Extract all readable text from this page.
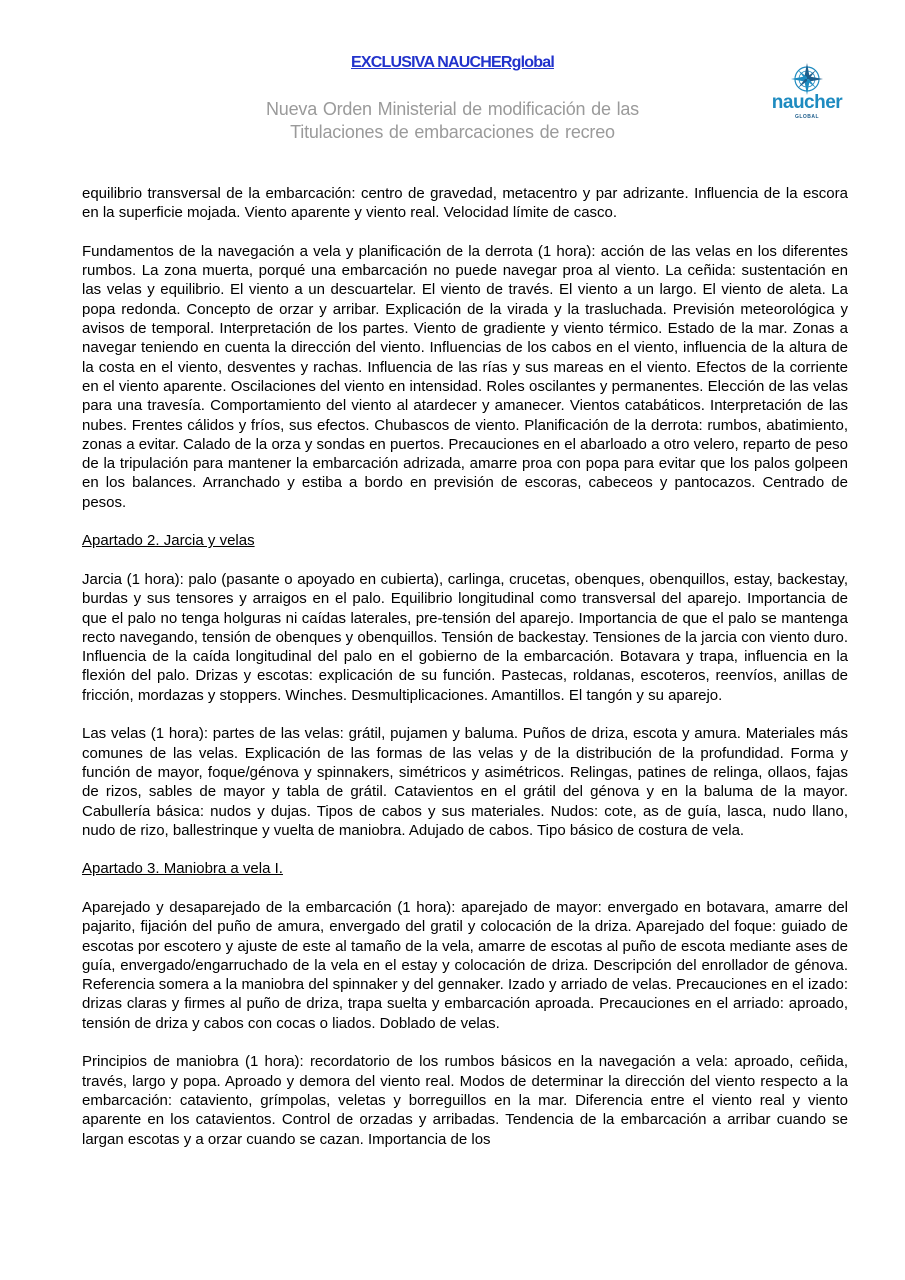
EXCLUSIVA NAUCHERglobal
Nueva Orden Ministerial de modificación de las
Titulaciones de embarcaciones de recreo
naucher
GLOBAL

equilibrio transversal de la embarcación: centro de gravedad, metacentro y par adrizante. Influencia de la escora en la superficie mojada. Viento aparente y viento real. Velocidad límite de casco.

Fundamentos de la navegación a vela y planificación de la derrota (1 hora): acción de las velas en los diferentes rumbos. La zona muerta, porqué una embarcación no puede navegar proa al viento. La ceñida: sustentación en las velas y equilibrio. El viento a un descuartelar. El viento de través. El viento a un largo. El viento de aleta. La popa redonda. Concepto de orzar y arribar. Explicación de la virada y la trasluchada. Previsión meteorológica y avisos de temporal. Interpretación de los partes. Viento de gradiente y viento térmico. Estado de la mar. Zonas a navegar teniendo en cuenta la dirección del viento. Influencias de los cabos en el viento, influencia de la altura de la costa en el viento, desventes y rachas. Influencia de las rías y sus mareas en el viento. Efectos de la corriente en el viento aparente. Oscilaciones del viento en intensidad. Roles oscilantes y permanentes. Elección de las velas para una travesía. Comportamiento del viento al atardecer y amanecer. Vientos catabáticos. Interpretación de las nubes. Frentes cálidos y fríos, sus efectos. Chubascos de viento. Planificación de la derrota: rumbos, abatimiento, zonas a evitar. Calado de la orza y sondas en puertos. Precauciones en el abarloado a otro velero, reparto de peso de la tripulación para mantener la embarcación adrizada, amarre proa con popa para evitar que los palos golpeen en los balances. Arranchado y estiba a bordo en previsión de escoras, cabeceos y pantocazos. Centrado de pesos.

Apartado 2. Jarcia y velas

Jarcia (1 hora): palo (pasante o apoyado en cubierta), carlinga, crucetas, obenques, obenquillos, estay, backestay, burdas y sus tensores y arraigos en el palo. Equilibrio longitudinal como transversal del aparejo. Importancia de que el palo no tenga holguras ni caídas laterales, pre-tensión del aparejo. Importancia de que el palo se mantenga recto navegando, tensión de obenques y obenquillos. Tensión de backestay. Tensiones de la jarcia con viento duro. Influencia de la caída longitudinal del palo en el gobierno de la embarcación. Botavara y trapa, influencia en la flexión del palo. Drizas y escotas: explicación de su función. Pastecas, roldanas, escoteros, reenvíos, anillas de fricción, mordazas y stoppers. Winches. Desmultiplicaciones. Amantillos. El tangón y su aparejo.

Las velas (1 hora): partes de las velas: grátil, pujamen y baluma. Puños de driza, escota y amura. Materiales más comunes de las velas. Explicación de las formas de las velas y de la distribución de la profundidad. Forma y función de mayor, foque/génova y spinnakers, simétricos y asimétricos. Relingas, patines de relinga, ollaos, fajas de rizos, sables de mayor y tabla de grátil. Catavientos en el grátil del génova y en la baluma de la mayor. Cabullería básica: nudos y dujas. Tipos de cabos y sus materiales. Nudos: cote, as de guía, lasca, nudo llano, nudo de rizo, ballestrinque y vuelta de maniobra. Adujado de cabos. Tipo básico de costura de vela.

Apartado 3. Maniobra a vela I.

Aparejado y desaparejado de la embarcación (1 hora): aparejado de mayor: envergado en botavara, amarre del pajarito, fijación del puño de amura, envergado del gratil y colocación de la driza. Aparejado del foque: guiado de escotas por escotero y ajuste de este al tamaño de la vela, amarre de escotas al puño de escota mediante ases de guía, envergado/engarruchado de la vela en el estay y colocación de driza. Descripción del enrollador de génova. Referencia somera a la maniobra del spinnaker y del gennaker. Izado y arriado de velas. Precauciones en el izado: drizas claras y firmes al puño de driza, trapa suelta y embarcación aproada. Precauciones en el arriado: aproado, tensión de driza y cabos con cocas o liados. Doblado de velas.

Principios de maniobra (1 hora): recordatorio de los rumbos básicos en la navegación a vela: aproado, ceñida, través, largo y popa. Aproado y demora del viento real. Modos de determinar la dirección del viento respecto a la embarcación: cataviento, grímpolas, veletas y borreguillos en la mar. Diferencia entre el viento real y viento aparente en los catavientos. Control de orzadas y arribadas. Tendencia de la embarcación a arribar cuando se largan escotas y a orzar cuando se cazan. Importancia de los
